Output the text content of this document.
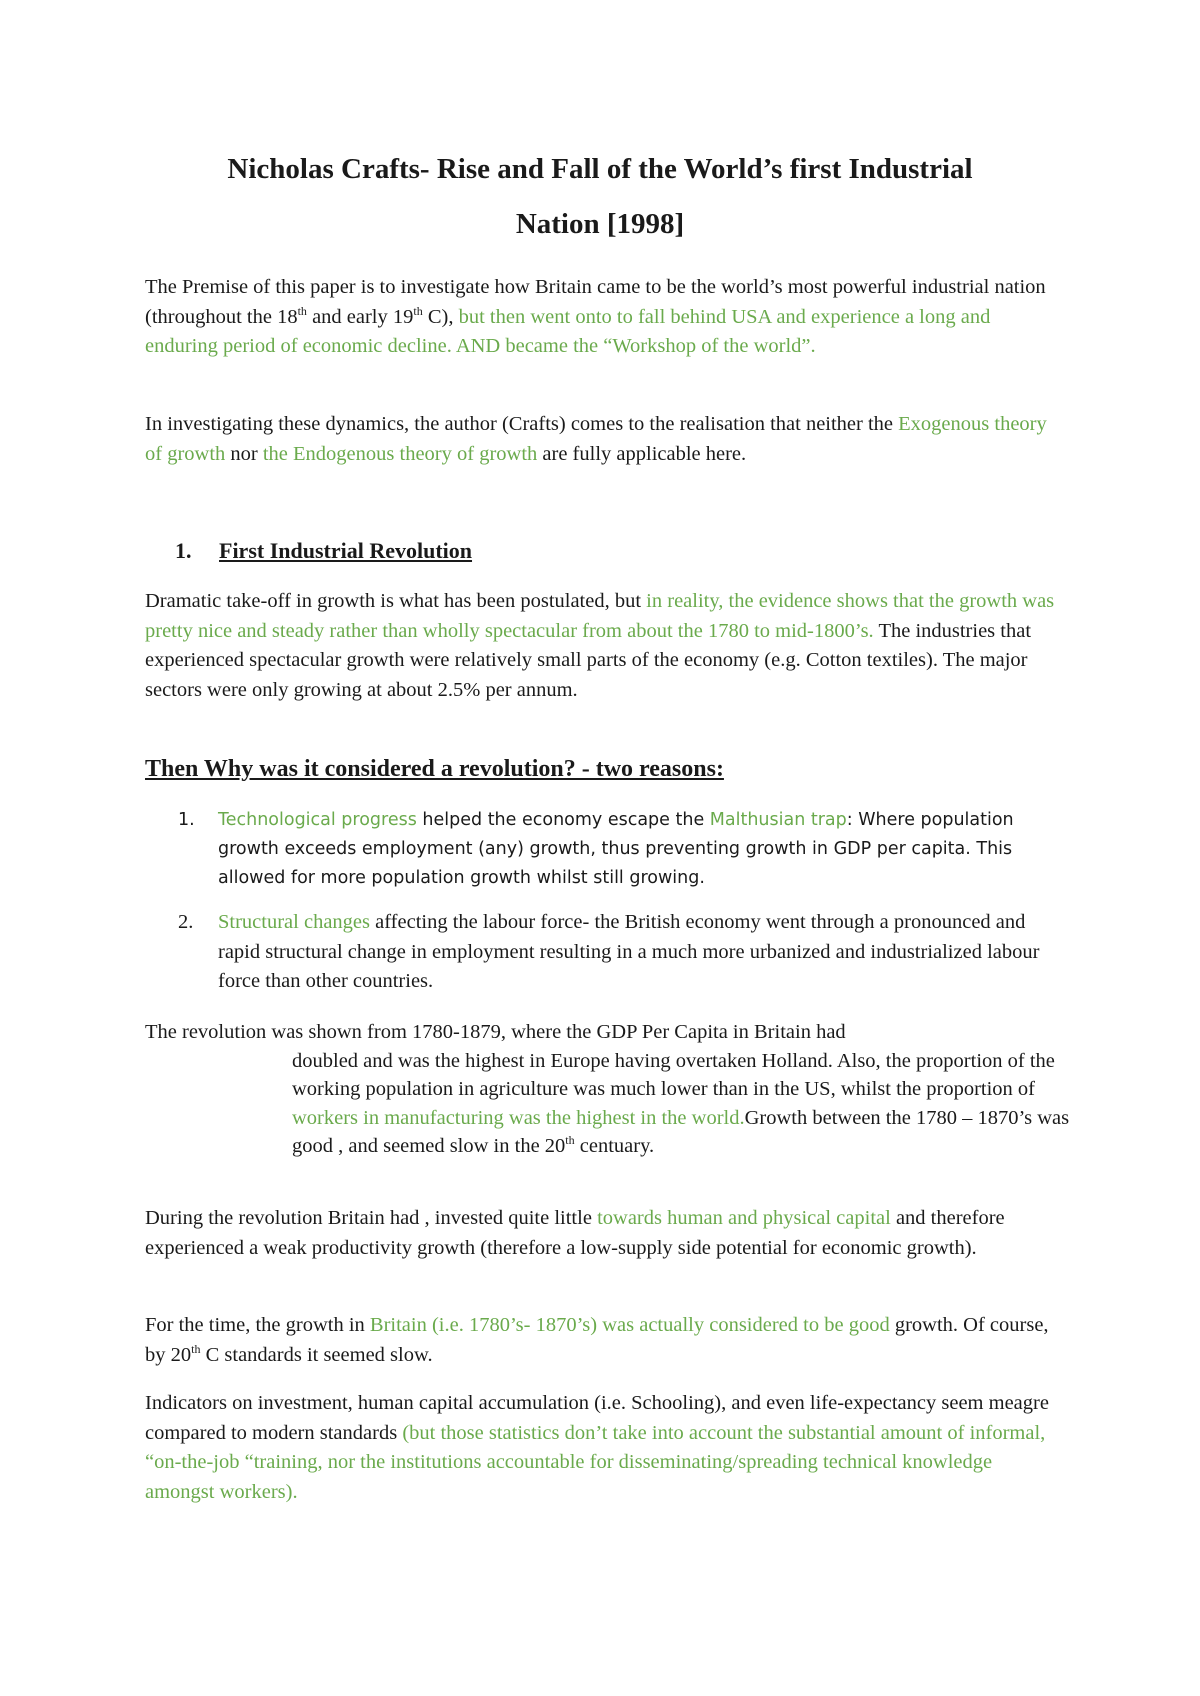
Nicholas Crafts- Rise and Fall of the World’s first Industrial
Nation [1998]
The Premise of this paper is to investigate how Britain came to be the world’s most powerful industrial nation (throughout the 18th and early 19th C), but then went onto to fall behind USA and experience a long and enduring period of economic decline. AND became the “Workshop of the world”.
In investigating these dynamics, the author (Crafts) comes to the realisation that neither the Exogenous theory of growth nor the Endogenous theory of growth are fully applicable here.
1. First Industrial Revolution
Dramatic take-off in growth is what has been postulated, but in reality, the evidence shows that the growth was pretty nice and steady rather than wholly spectacular from about the 1780 to mid-1800’s. The industries that experienced spectacular growth were relatively small parts of the economy (e.g. Cotton textiles). The major sectors were only growing at about 2.5% per annum.
Then Why was it considered a revolution? - two reasons:
1. Technological progress helped the economy escape the Malthusian trap: Where population growth exceeds employment (any) growth, thus preventing growth in GDP per capita. This allowed for more population growth whilst still growing.
2. Structural changes affecting the labour force- the British economy went through a pronounced and rapid structural change in employment resulting in a much more urbanized and industrialized labour force than other countries.
The revolution was shown from 1780-1879, where the GDP Per Capita in Britain had
doubled and was the highest in Europe having overtaken Holland. Also, the proportion of the working population in agriculture was much lower than in the US, whilst the proportion of workers in manufacturing was the highest in the world.Growth between the 1780 – 1870’s was good , and seemed slow in the 20th centuary.
During the revolution Britain had , invested quite little towards human and physical capital and therefore experienced a weak productivity growth (therefore a low-supply side potential for economic growth).
For the time, the growth in Britain (i.e. 1780’s- 1870’s) was actually considered to be good growth. Of course, by 20th C standards it seemed slow.
Indicators on investment, human capital accumulation (i.e. Schooling), and even life-expectancy seem meagre compared to modern standards (but those statistics don’t take into account the substantial amount of informal, “on-the-job “training, nor the institutions accountable for disseminating/spreading technical knowledge amongst workers).
